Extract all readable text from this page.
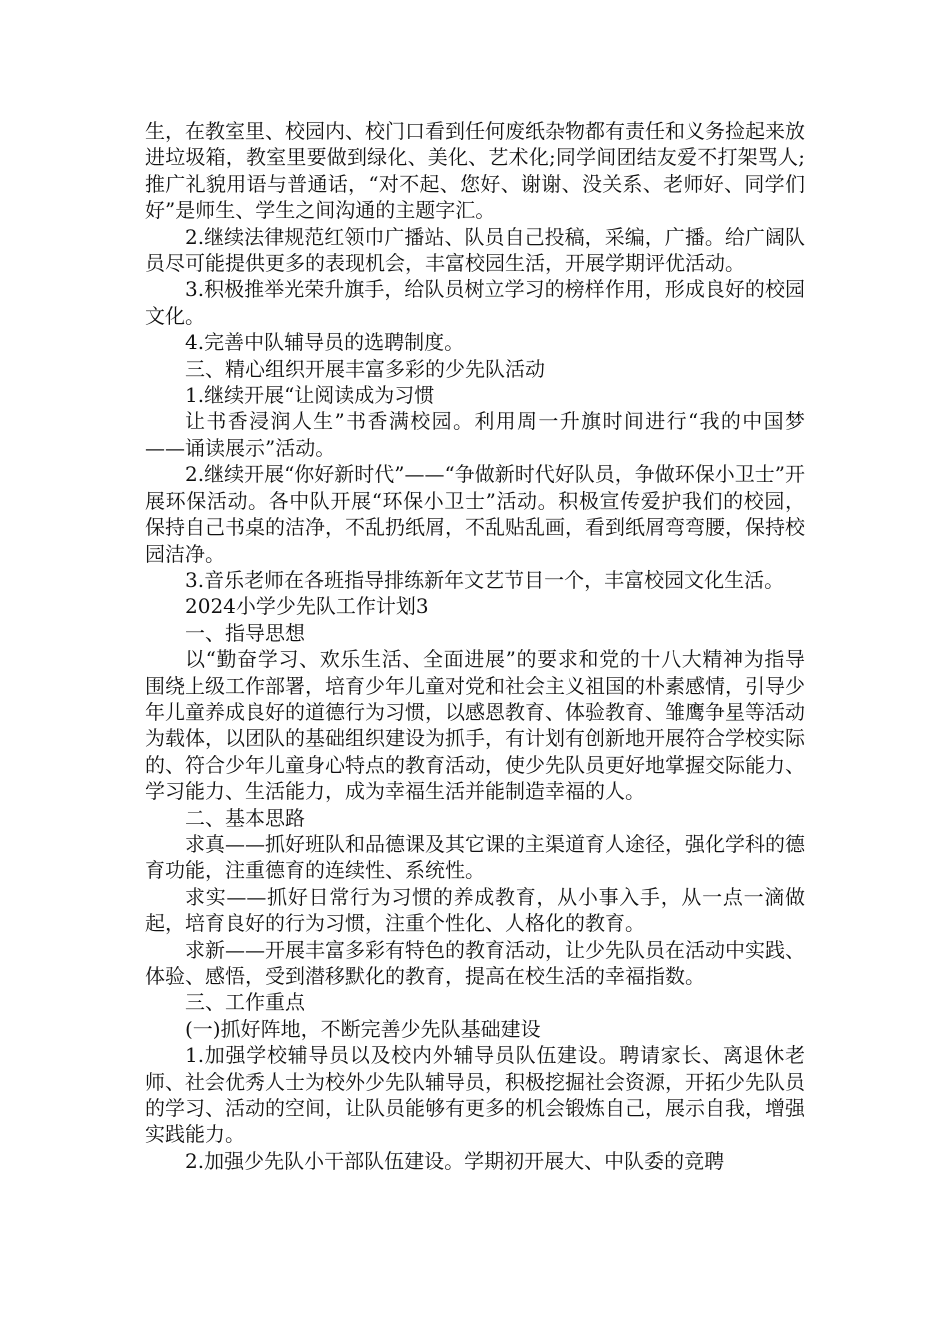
生，在教室里、校园内、校门口看到任何废纸杂物都有责任和义务捡起来放进垃圾箱，教室里要做到绿化、美化、艺术化;同学间团结友爱不打架骂人;推广礼貌用语与普通话，“对不起、您好、谢谢、没关系、老师好、同学们好”是师生、学生之间沟通的主题字汇。

2.继续法律规范红领巾广播站、队员自己投稿，采编，广播。给广阔队员尽可能提供更多的表现机会，丰富校园生活，开展学期评优活动。

3.积极推举光荣升旗手，给队员树立学习的榜样作用，形成良好的校园文化。

4.完善中队辅导员的选聘制度。

三、精心组织开展丰富多彩的少先队活动

1.继续开展“让阅读成为习惯

让书香浸润人生”书香满校园。利用周一升旗时间进行“我的中国梦——诵读展示”活动。

2.继续开展“你好新时代”——“争做新时代好队员，争做环保小卫士”开展环保活动。各中队开展“环保小卫士”活动。积极宣传爱护我们的校园，保持自己书桌的洁净，不乱扔纸屑，不乱贴乱画，看到纸屑弯弯腰，保持校园洁净。

3.音乐老师在各班指导排练新年文艺节目一个，丰富校园文化生活。

2024小学少先队工作计划3

一、指导思想

以“勤奋学习、欢乐生活、全面进展”的要求和党的十八大精神为指导围绕上级工作部署，培育少年儿童对党和社会主义祖国的朴素感情，引导少年儿童养成良好的道德行为习惯，以感恩教育、体验教育、雏鹰争星等活动为载体，以团队的基础组织建设为抓手，有计划有创新地开展符合学校实际的、符合少年儿童身心特点的教育活动，使少先队员更好地掌握交际能力、学习能力、生活能力，成为幸福生活并能制造幸福的人。

二、基本思路

求真——抓好班队和品德课及其它课的主渠道育人途径，强化学科的德育功能，注重德育的连续性、系统性。

求实——抓好日常行为习惯的养成教育，从小事入手，从一点一滴做起，培育良好的行为习惯，注重个性化、人格化的教育。

求新——开展丰富多彩有特色的教育活动，让少先队员在活动中实践、体验、感悟，受到潜移默化的教育，提高在校生活的幸福指数。

三、工作重点

(一)抓好阵地，不断完善少先队基础建设

1.加强学校辅导员以及校内外辅导员队伍建设。聘请家长、离退休老师、社会优秀人士为校外少先队辅导员，积极挖掘社会资源，开拓少先队员的学习、活动的空间，让队员能够有更多的机会锻炼自己，展示自我，增强实践能力。

2.加强少先队小干部队伍建设。学期初开展大、中队委的竞聘
